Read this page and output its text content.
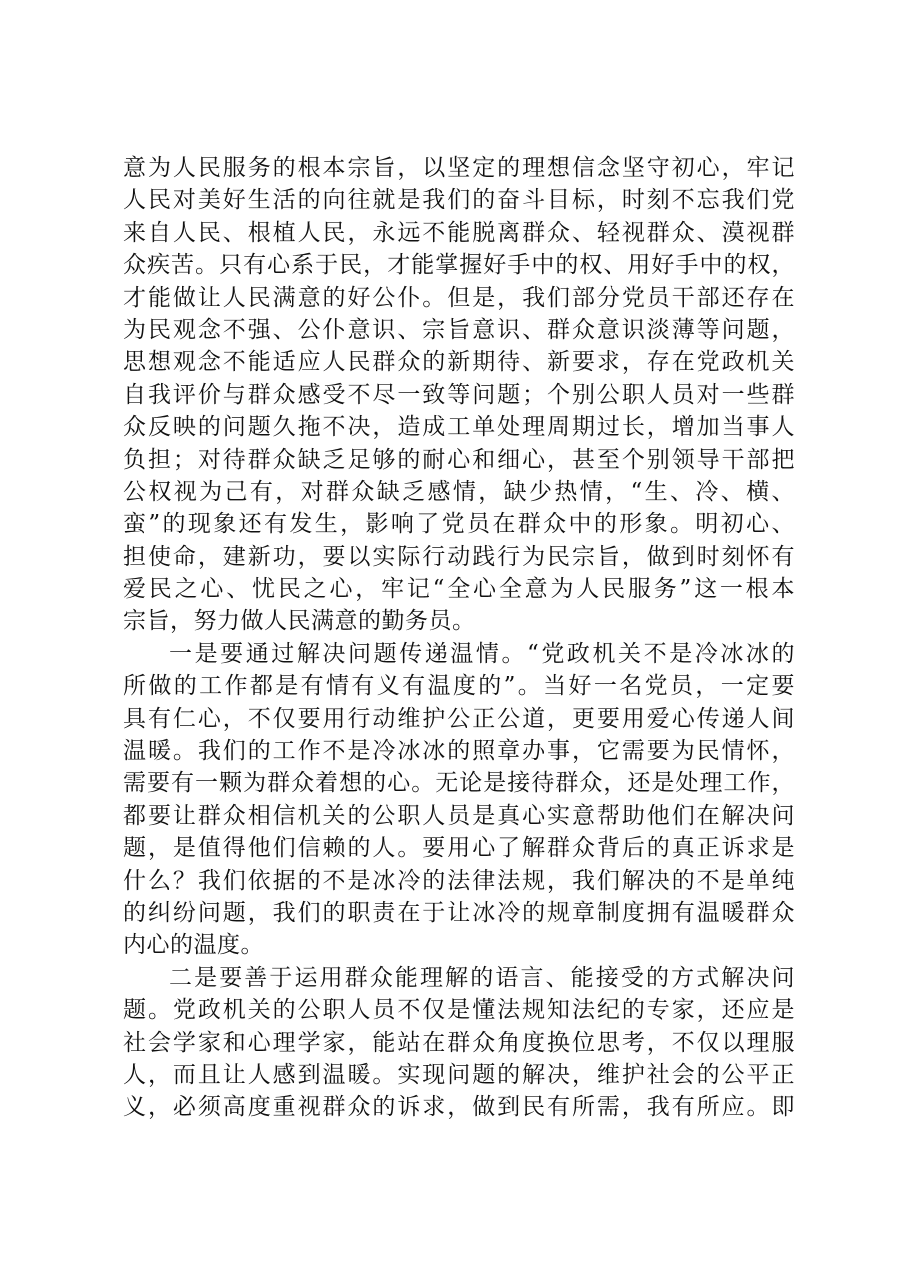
意为人民服务的根本宗旨，以坚定的理想信念坚守初心，牢记
人民对美好生活的向往就是我们的奋斗目标，时刻不忘我们党
来自人民、根植人民，永远不能脱离群众、轻视群众、漠视群
众疾苦。只有心系于民，才能掌握好手中的权、用好手中的权，
才能做让人民满意的好公仆。但是，我们部分党员干部还存在
为民观念不强、公仆意识、宗旨意识、群众意识淡薄等问题，
思想观念不能适应人民群众的新期待、新要求，存在党政机关
自我评价与群众感受不尽一致等问题；个别公职人员对一些群
众反映的问题久拖不决，造成工单处理周期过长，增加当事人
负担；对待群众缺乏足够的耐心和细心，甚至个别领导干部把
公权视为己有，对群众缺乏感情，缺少热情，“生、冷、横、
蛮”的现象还有发生，影响了党员在群众中的形象。明初心、
担使命，建新功，要以实际行动践行为民宗旨，做到时刻怀有
爱民之心、忧民之心，牢记“全心全意为人民服务”这一根本
宗旨，努力做人民满意的勤务员。
一是要通过解决问题传递温情。“党政机关不是冷冰冰的
所做的工作都是有情有义有温度的”。当好一名党员，一定要
具有仁心，不仅要用行动维护公正公道，更要用爱心传递人间
温暖。我们的工作不是冷冰冰的照章办事，它需要为民情怀，
需要有一颗为群众着想的心。无论是接待群众，还是处理工作，
都要让群众相信机关的公职人员是真心实意帮助他们在解决问
题，是值得他们信赖的人。要用心了解群众背后的真正诉求是
什么？我们依据的不是冰冷的法律法规，我们解决的不是单纯
的纠纷问题，我们的职责在于让冰冷的规章制度拥有温暖群众
内心的温度。
二是要善于运用群众能理解的语言、能接受的方式解决问
题。党政机关的公职人员不仅是懂法规知法纪的专家，还应是
社会学家和心理学家，能站在群众角度换位思考，不仅以理服
人，而且让人感到温暖。实现问题的解决，维护社会的公平正
义，必须高度重视群众的诉求，做到民有所需，我有所应。即
